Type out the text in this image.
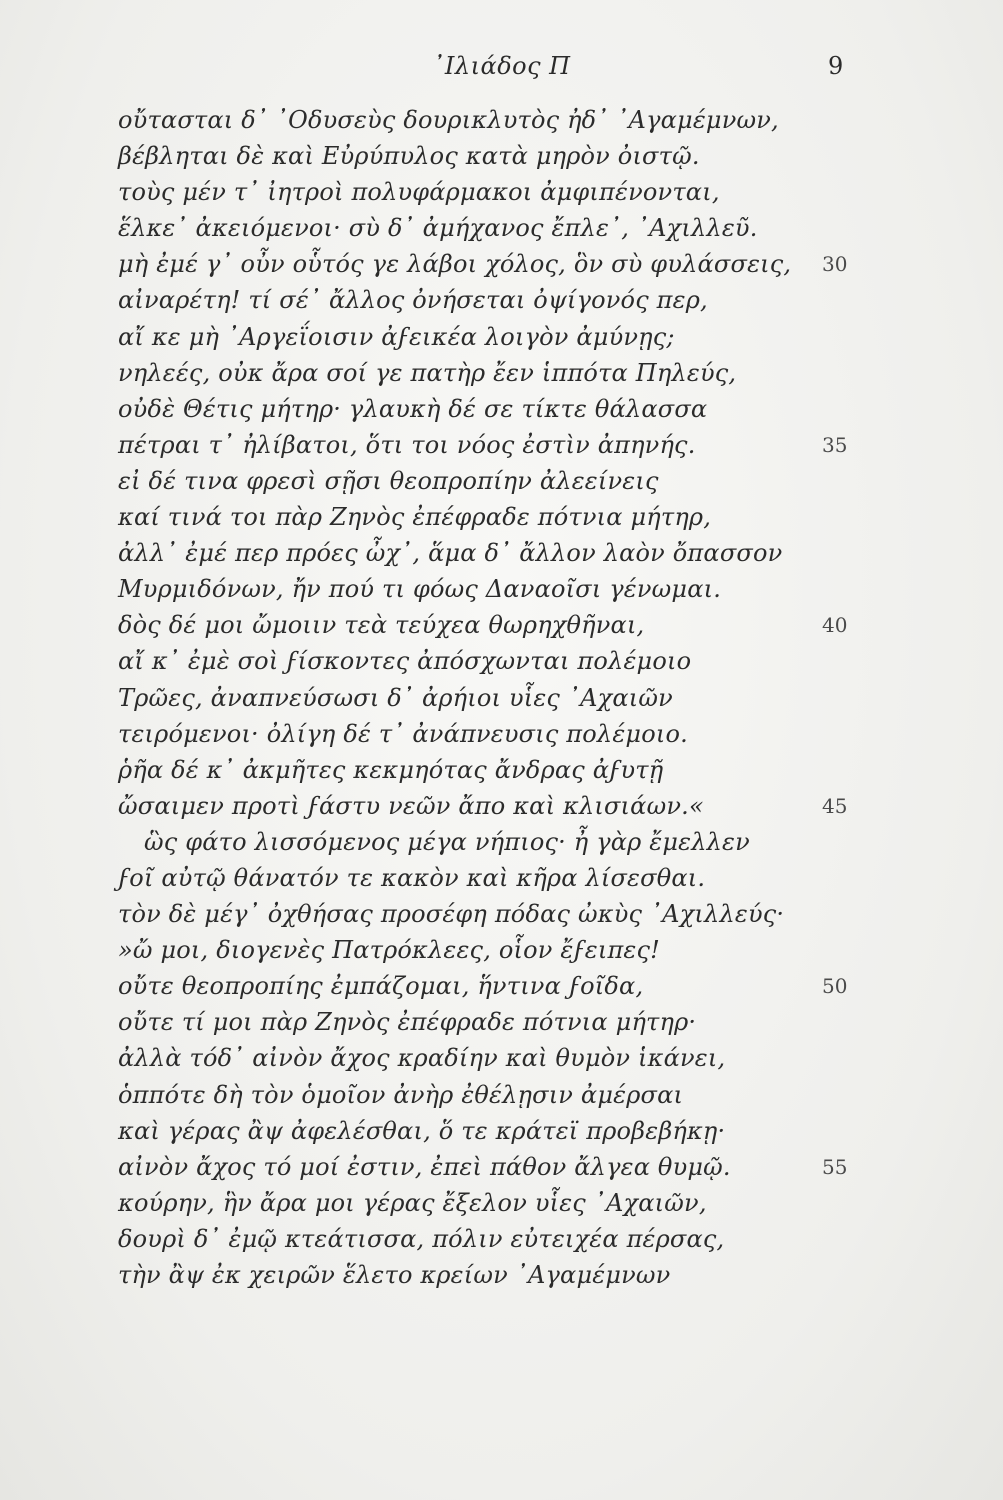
᾿Ιλιάδος Π	9
οὔτασται δ᾿ ᾿Οδυσεὺς δουρικλυτὸς ἠδ᾿ ᾿Αγαμέμνων,
βέβληται δὲ καὶ Εὐρύπυλος κατὰ μηρὸν ὀιστῷ.
τοὺς μέν τ᾿ ἰητροὶ πολυφάρμακοι ἀμφιπένονται,
ἕλκε᾿ ἀκειόμενοι· σὺ δ᾿ ἀμήχανος ἔπλε᾿, ᾿Αχιλλεῦ.
μὴ ἐμέ γ᾿ οὖν οὗτός γε λάβοι χόλος, ὃν σὺ φυλάσσεις,
αἰναρέτη! τί σέ᾿ ἄλλος ὀνήσεται ὀψίγονός περ,
αἴ κε μὴ ᾿Αργεΐοισιν ἀϝεικέα λοιγὸν ἀμύνῃς;
νηλεές, οὐκ ἄρα σοί γε πατὴρ ἔεν ἱππότα Πηλεύς,
οὐδὲ Θέτις μήτηρ· γλαυκὴ δέ σε τίκτε θάλασσα
πέτραι τ᾿ ἠλίβατοι, ὅτι τοι νόος ἐστὶν ἀπηνής.
εἰ δέ τινα φρεσὶ σῇσι θεοπροπίην ἀλεείνεις
καί τινά τοι πὰρ Ζηνὸς ἐπέφραδε πότνια μήτηρ,
ἀλλ᾿ ἐμέ περ πρόες ὦχ᾿, ἅμα δ᾿ ἄλλον λαὸν ὄπασσον
Μυρμιδόνων, ἤν πού τι φόως Δαναοῖσι γένωμαι.
δὸς δέ μοι ὤμοιιν τεὰ τεύχεα θωρηχθῆναι,
αἴ κ᾿ ἐμὲ σοὶ ϝίσκοντες ἀπόσχωνται πολέμοιο
Τρῶες, ἀναπνεύσωσι δ᾿ ἀρήιοι υἷες ᾿Αχαιῶν
τειρόμενοι· ὀλίγη δέ τ᾿ ἀνάπνευσις πολέμοιο.
ῥῆα δέ κ᾿ ἀκμῆτες κεκμηότας ἄνδρας ἀϝυτῇ
ὤσαιμεν προτὶ ϝάστυ νεῶν ἄπο καὶ κλισιάων.«
ὣς φάτο λισσόμενος μέγα νήπιος· ἦ γὰρ ἔμελλεν
ϝοῖ αὐτῷ θάνατόν τε κακὸν καὶ κῆρα λίσεσθαι.
τὸν δὲ μέγ᾿ ὀχθήσας προσέφη πόδας ὠκὺς ᾿Αχιλλεύς·
»ὤ μοι, διογενὲς Πατρόκλεες, οἷον ἔϝειπες!
οὔτε θεοπροπίης ἐμπάζομαι, ἥντινα ϝοῖδα,
οὔτε τί μοι πὰρ Ζηνὸς ἐπέφραδε πότνια μήτηρ·
ἀλλὰ τόδ᾿ αἰνὸν ἄχος κραδίην καὶ θυμὸν ἱκάνει,
ὁππότε δὴ τὸν ὁμοῖον ἀνὴρ ἐθέλῃσιν ἀμέρσαι
καὶ γέρας ἂψ ἀφελέσθαι, ὅ τε κράτεϊ προβεβήκῃ·
αἰνὸν ἄχος τό μοί ἐστιν, ἐπεὶ πάθον ἄλγεα θυμῷ.
κούρην, ἣν ἄρα μοι γέρας ἔξελον υἷες ᾿Αχαιῶν,
δουρὶ δ᾿ ἐμῷ κτεάτισσα, πόλιν εὐτειχέα πέρσας,
τὴν ἂψ ἐκ χειρῶν ἕλετο κρείων ᾿Αγαμέμνων
30
35
40
45
50
55
